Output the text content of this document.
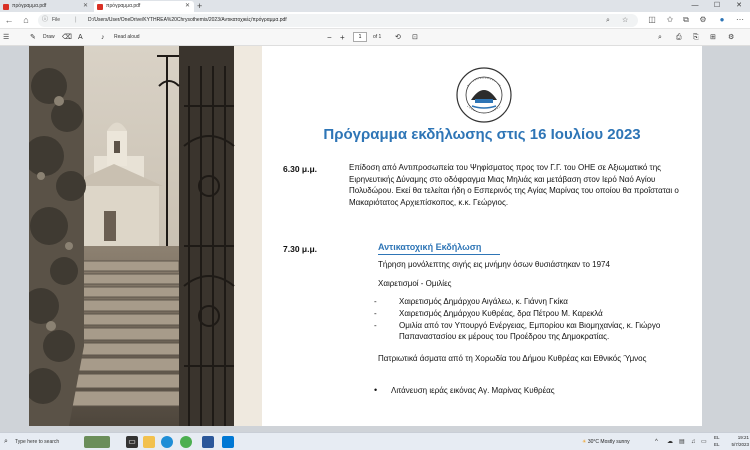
πρόγραμμα.pdf	✕	πρόγραμμα.pdf	✕ +	—	☐	✕
←	⌂	ⓘ File | D:/Users/User/OneDrive/KYTHREA%20Chrysothemis/2023/Αντικατοχικές/πρόγραμμα.pdf	⌕ ☆ ◫	✩	⧉	⚙	●	⋯
☰	✎ Draw ⌫ A	− +	1	of 1 ⟲ ⊡
♪ Read aloud	⌕ ⎙ ⎘ ⊞ ⚙
Πρόγραμμα εκδήλωσης στις 16 Ιουλίου 2023
6.30 μ.μ.	Επίδοση από Αντιπροσωπεία του Ψηφίσματος προς τον Γ.Γ. του ΟΗΕ σε Αξιωματικό της Ειρηνευτικής Δύναμης στο οδόφραγμα Μιας Μηλιάς και μετάβαση στον Ιερό Ναό Αγίου Πολυδώρου. Εκεί θα τελείται ήδη ο Εσπερινός της Αγίας Μαρίνας του οποίου θα προΐσταται ο Μακαριότατος Αρχιεπίσκοπος, κ.κ. Γεώργιος.
7.30 μ.μ.	Αντικατοχική Εκδήλωση
Τήρηση μονόλεπτης σιγής εις μνήμην όσων θυσιάστηκαν το 1974
Χαιρετισμοί - Ομιλίες
-	Χαιρετισμός Δημάρχου Αιγάλεω, κ. Γιάννη Γκίκα
-	Χαιρετισμός Δημάρχου Κυθρέας, δρα Πέτρου Μ. Καρεκλά
-	Ομιλία από τον Υπουργό Ενέργειας, Εμπορίου και Βιομηχανίας, κ. Γιώργο Παπαναστασίου εκ μέρους του Προέδρου της Δημοκρατίας.
Πατριωτικά άσματα από τη Χορωδία του Δήμου Κυθρέας και Εθνικός Ύμνος
• Λιτάνευση ιεράς εικόνας Αγ. Μαρίνας Κυθρέας
⌕ Type here to search	▭	☀ 30°C Mostly sunny	^ ☁ ▤ ♫ ▭
EL
EL
19:21
5/7/2023
